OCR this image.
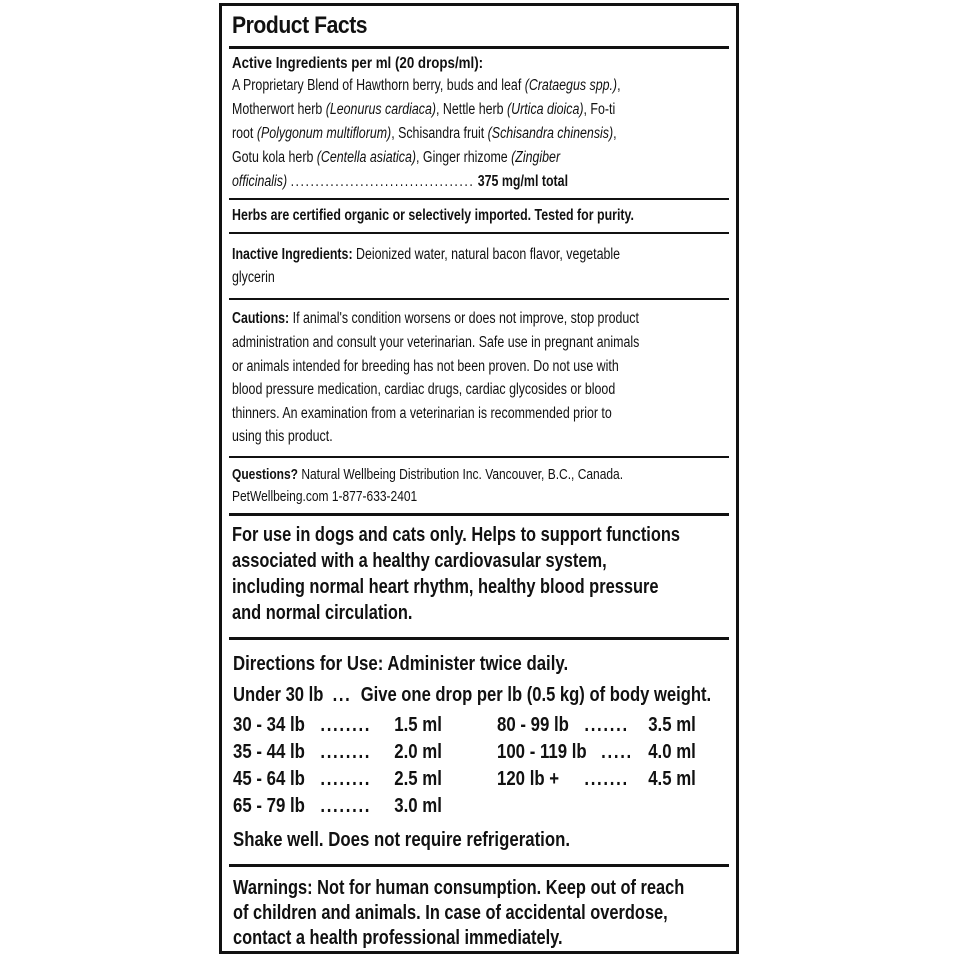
Product Facts
Active Ingredients per ml (20 drops/ml):
A Proprietary Blend of Hawthorn berry, buds and leaf (Crataegus spp.),
Motherwort herb (Leonurus cardiaca), Nettle herb (Urtica dioica), Fo-ti
root (Polygonum multiflorum), Schisandra fruit (Schisandra chinensis),
Gotu kola herb (Centella asiatica), Ginger rhizome (Zingiber
officinalis) ..................................... 375 mg/ml total
Herbs are certified organic or selectively imported. Tested for purity.
Inactive Ingredients: Deionized water, natural bacon flavor, vegetable
glycerin
Cautions: If animal's condition worsens or does not improve, stop product
administration and consult your veterinarian. Safe use in pregnant animals
or animals intended for breeding has not been proven. Do not use with
blood pressure medication, cardiac drugs, cardiac glycosides or blood
thinners. An examination from a veterinarian is recommended prior to
using this product.
Questions? Natural Wellbeing Distribution Inc. Vancouver, B.C., Canada.
PetWellbeing.com 1-877-633-2401
For use in dogs and cats only. Helps to support functions
associated with a healthy cardiovasular system,
including normal heart rhythm, healthy blood pressure
and normal circulation.
Directions for Use: Administer twice daily.
Under 30 lb ... Give one drop per lb (0.5 kg) of body weight.
30 - 34 lb ........ 1.5 ml
35 - 44 lb ........ 2.0 ml
45 - 64 lb ........ 2.5 ml
65 - 79 lb ........ 3.0 ml
80 - 99 lb ....... 3.5 ml
100 - 119 lb ..... 4.0 ml
120 lb + ....... 4.5 ml
Shake well. Does not require refrigeration.
Warnings: Not for human consumption. Keep out of reach
of children and animals. In case of accidental overdose,
contact a health professional immediately.
